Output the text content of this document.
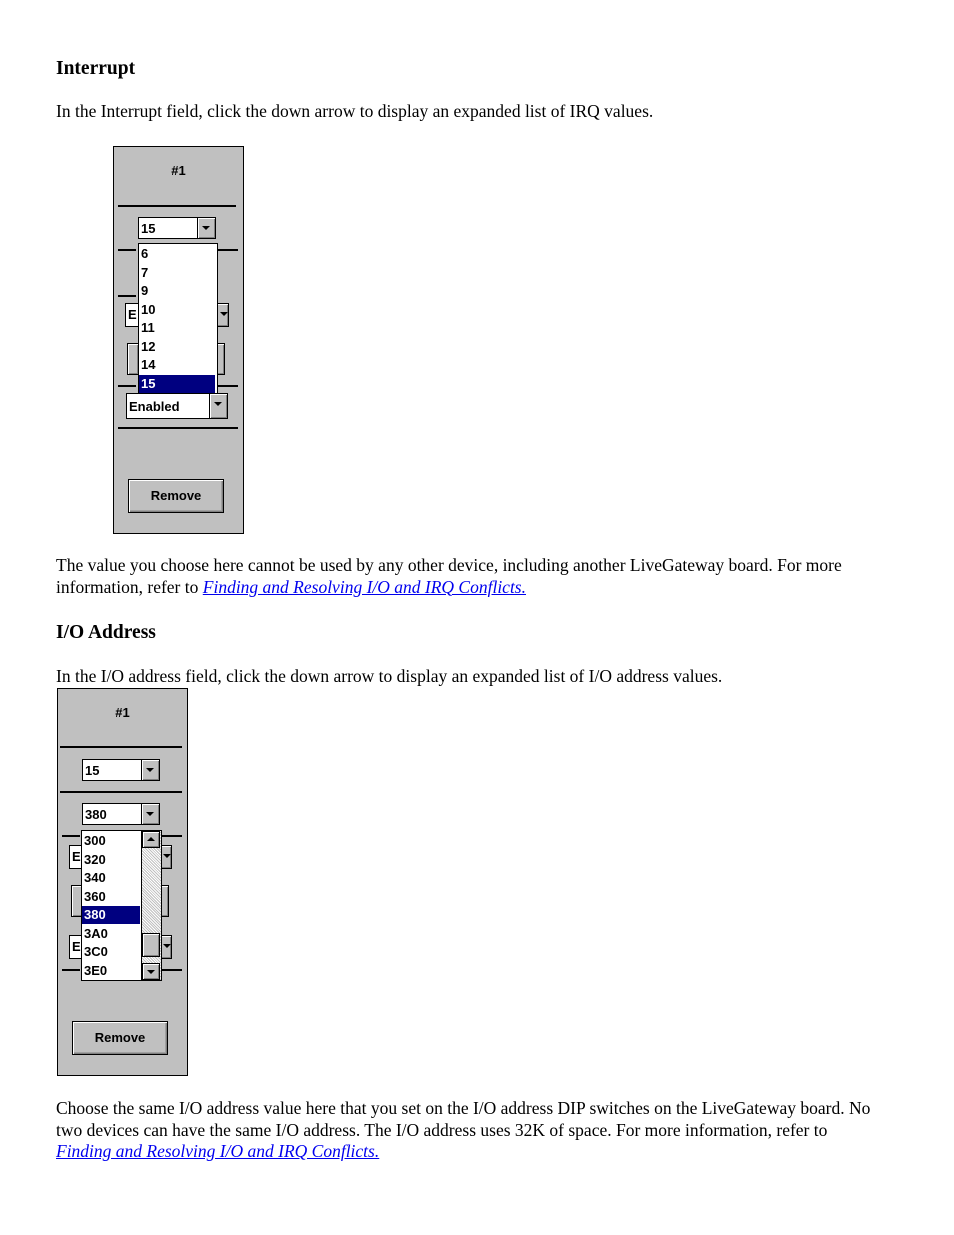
Interrupt

In the Interrupt field, click the down arrow to display an expanded list of IRQ values.

#1
15
E
6
7
9
10
11
12
14
15
Enabled
Remove

The value you choose here cannot be used by any other device, including another LiveGateway board. For more information, refer to Finding and Resolving I/O and IRQ Conflicts.

I/O Address

In the I/O address field, click the down arrow to display an expanded list of I/O address values.

#1
15
380
E
E
300
320
340
360
380
3A0
3C0
3E0
Remove

Choose the same I/O address value here that you set on the I/O address DIP switches on the LiveGateway board. No two devices can have the same I/O address. The I/O address uses 32K of space. For more information, refer to Finding and Resolving I/O and IRQ Conflicts.
